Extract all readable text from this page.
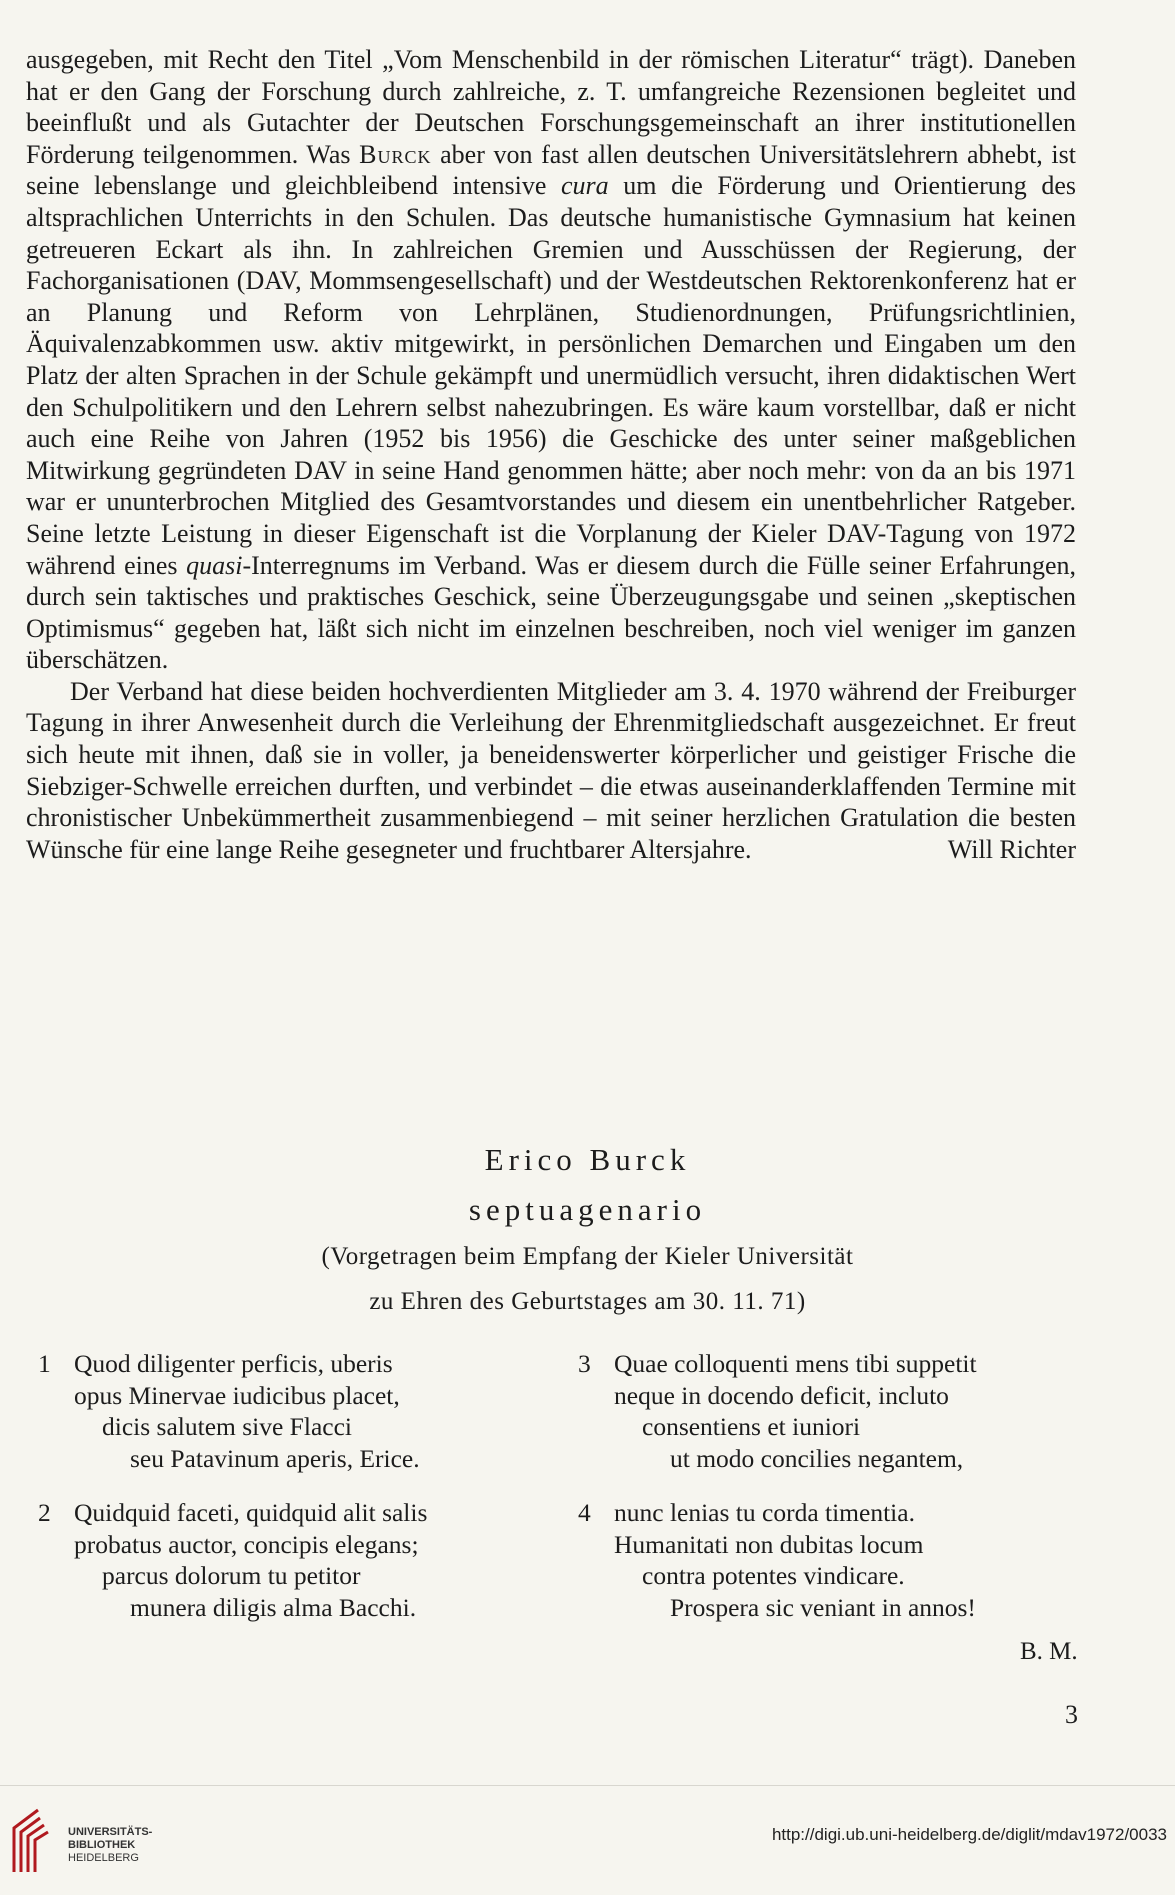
ausgegeben, mit Recht den Titel „Vom Menschenbild in der römischen Literatur“ trägt). Daneben hat er den Gang der Forschung durch zahlreiche, z. T. umfangreiche Rezensionen begleitet und beeinflußt und als Gutachter der Deutschen Forschungsgemeinschaft an ihrer institutionellen Förderung teilgenommen. Was Burck aber von fast allen deutschen Universitätslehrern abhebt, ist seine lebenslange und gleichbleibend intensive cura um die Förderung und Orientierung des altsprachlichen Unterrichts in den Schulen. Das deutsche humanistische Gymnasium hat keinen getreueren Eckart als ihn. In zahlreichen Gremien und Ausschüssen der Regierung, der Fachorganisationen (DAV, Mommsengesellschaft) und der Westdeutschen Rektorenkonferenz hat er an Planung und Reform von Lehrplänen, Studienordnungen, Prüfungsrichtlinien, Äquivalenzabkommen usw. aktiv mitgewirkt, in persönlichen Demarchen und Eingaben um den Platz der alten Sprachen in der Schule gekämpft und unermüdlich versucht, ihren didaktischen Wert den Schulpolitikern und den Lehrern selbst nahezubringen. Es wäre kaum vorstellbar, daß er nicht auch eine Reihe von Jahren (1952 bis 1956) die Geschicke des unter seiner maßgeblichen Mitwirkung gegründeten DAV in seine Hand genommen hätte; aber noch mehr: von da an bis 1971 war er ununterbrochen Mitglied des Gesamtvorstandes und diesem ein unentbehrlicher Ratgeber. Seine letzte Leistung in dieser Eigenschaft ist die Vorplanung der Kieler DAV-Tagung von 1972 während eines quasi-Interregnums im Verband. Was er diesem durch die Fülle seiner Erfahrungen, durch sein taktisches und praktisches Geschick, seine Überzeugungsgabe und seinen „skeptischen Optimismus“ gegeben hat, läßt sich nicht im einzelnen beschreiben, noch viel weniger im ganzen überschätzen.

Der Verband hat diese beiden hochverdienten Mitglieder am 3. 4. 1970 während der Freiburger Tagung in ihrer Anwesenheit durch die Verleihung der Ehrenmitgliedschaft ausgezeichnet. Er freut sich heute mit ihnen, daß sie in voller, ja beneidenswerter körperlicher und geistiger Frische die Siebziger-Schwelle erreichen durften, und verbindet – die etwas auseinanderklaffenden Termine mit chronistischer Unbekümmertheit zusammenbiegend – mit seiner herzlichen Gratulation die besten Wünsche für eine lange Reihe gesegneter und fruchtbarer Altersjahre.	Will Richter

Erico Burck
septuagenario
(Vorgetragen beim Empfang der Kieler Universität
zu Ehren des Geburtstages am 30. 11. 71)
1 Quod diligenter perficis, uberis
opus Minervae iudicibus placet,
dicis salutem sive Flacci
seu Patavinum aperis, Erice.
2 Quidquid faceti, quidquid alit salis
probatus auctor, concipis elegans;
parcus dolorum tu petitor
munera diligis alma Bacchi.
3 Quae colloquenti mens tibi suppetit
neque in docendo deficit, incluto
consentiens et iuniori
ut modo concilies negantem,
4 nunc lenias tu corda timentia.
Humanitati non dubitas locum
contra potentes vindicare.
Prospera sic veniant in annos!
B. M.
3
UNIVERSITÄTS-
BIBLIOTHEK
HEIDELBERG
http://digi.ub.uni-heidelberg.de/diglit/mdav1972/0033
